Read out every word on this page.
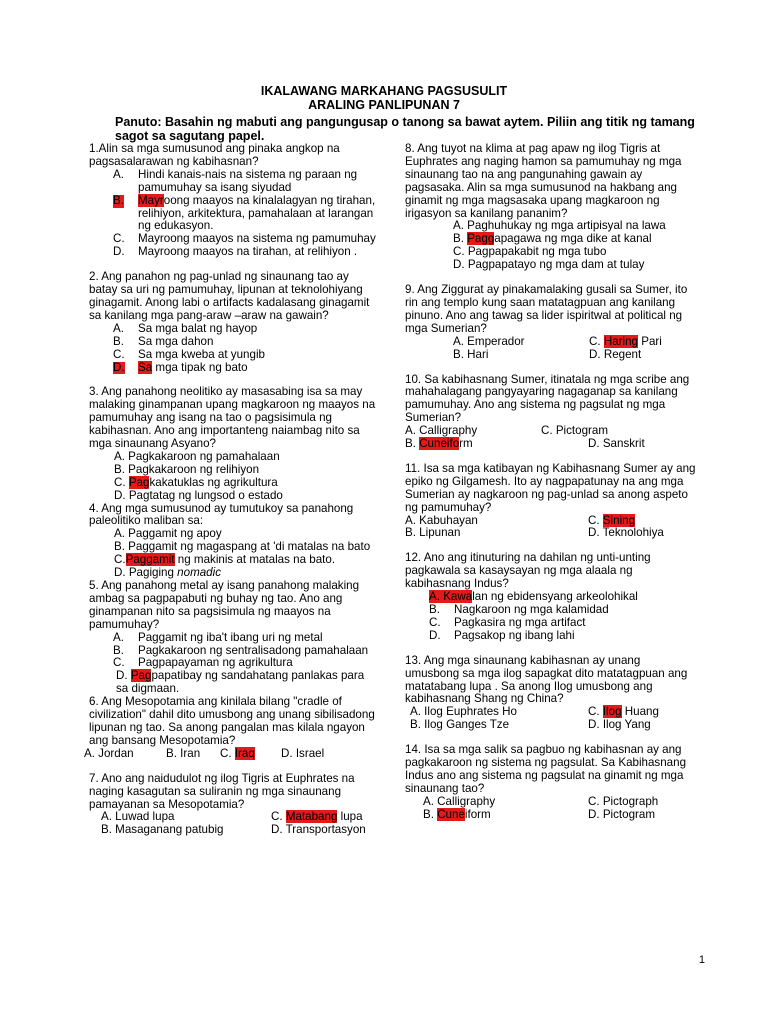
IKALAWANG MARKAHANG PAGSUSULIT
ARALING PANLIPUNAN 7
Panuto: Basahin ng mabuti ang pangungusap o tanong sa bawat aytem. Piliin ang titik ng tamang sagot sa sagutang papel.
1.Alin sa mga sumusunod ang pinaka angkop na pagsasalarawan ng kabihasnan?
A. Hindi kanais-nais na sistema ng paraan ng pamumuhay sa isang siyudad
B. Mayroong maayos na kinalalagyan ng tirahan, relihiyon, arkitektura, pamahalaan at larangan ng edukasyon.
C. Mayroong maayos na sistema ng pamumuhay
D. Mayroong maayos na tirahan, at relihiyon .
2. Ang panahon ng pag-unlad ng sinaunang tao ay batay sa uri ng pamumuhay, lipunan at teknolohiyang ginagamit. Anong labi o artifacts kadalasang ginagamit sa kanilang mga pang-araw –araw na gawain?
A. Sa mga balat ng hayop
B. Sa mga dahon
C. Sa mga kweba at yungib
D. Sa mga tipak ng bato
3. Ang panahong neolitiko ay masasabing isa sa may malaking ginampanan upang magkaroon ng maayos na pamumuhay ang isang na tao o pagsisimula ng kabihasnan. Ano ang importanteng naiambag nito sa mga sinaunang Asyano?
A. Pagkakaroon ng pamahalaan
B. Pagkakaroon ng relihiyon
C. Pagkakatuklas ng agrikultura
D. Pagtatag ng lungsod o estado
4. Ang mga sumusunod ay tumutukoy sa panahong paleolitiko maliban sa:
A. Paggamit ng apoy
B. Paggamit ng magaspang at 'di matalas na bato
C.Paggamit ng makinis at matalas na bato.
D. Pagiging nomadic
5. Ang panahong metal ay isang panahong malaking ambag sa pagpapabuti ng buhay ng tao. Ano ang ginampanan nito sa pagsisimula ng maayos na pamumuhay?
A. Paggamit ng iba't ibang uri ng metal
B. Pagkakaroon ng sentralisadong pamahalaan
C. Pagpapayaman ng agrikultura
D. Pagpapatibay ng sandahatang panlakas para sa digmaan.
6. Ang Mesopotamia ang kinilala bilang "cradle of civilization" dahil dito umusbong ang unang sibilisadong lipunan ng tao. Sa anong pangalan mas kilala ngayon ang bansang Mesopotamia?
A. Jordan	B. Iran	C. Iraq	D. Israel
7. Ano ang naidudulot ng ilog Tigris at Euphrates na naging kasagutan sa suliranin ng mga sinaunang pamayanan sa Mesopotamia?
A. Luwad lupa	C. Matabang lupa
B. Masaganang patubig	D. Transportasyon
8. Ang tuyot na klima at pag apaw ng ilog Tigris at Euphrates ang naging hamon sa pamumuhay ng mga sinaunang tao na ang pangunahing gawain ay pagsasaka. Alin sa mga sumusunod na hakbang ang ginamit ng mga magsasaka upang magkaroon ng irigasyon sa kanilang pananim?
A. Paghuhukay ng mga artipisyal na lawa
B. Paggapagawa ng mga dike at kanal
C. Pagpapakabit ng mga tubo
D. Pagpapatayo ng mga dam at tulay
9. Ang Ziggurat ay pinakamalaking gusali sa Sumer, ito rin ang templo kung saan matatagpuan ang kanilang pinuno. Ano ang tawag sa lider ispiritwal at political ng mga Sumerian?
A. Emperador	C. Haring Pari
B. Hari	D. Regent
10. Sa kabihasnang Sumer, itinatala ng mga scribe ang mahahalagang pangyayaring nagaganap sa kanilang pamumuhay. Ano ang sistema ng pagsulat ng mga Sumerian?
A. Calligraphy	C. Pictogram
B. Cuneiform	D. Sanskrit
11. Isa sa mga katibayan ng Kabihasnang Sumer ay ang epiko ng Gilgamesh. Ito ay nagpapatunay na ang mga Sumerian ay nagkaroon ng pag-unlad sa anong aspeto ng pamumuhay?
A. Kabuhayan	C. Sining
B. Lipunan	D. Teknolohiya
12. Ano ang itinuturing na dahilan ng unti-unting pagkawala sa kasaysayan ng mga alaala ng kabihasnang Indus?
A. Kawalan ng ebidensyang arkeolohikal
B. Nagkaroon ng mga kalamidad
C. Pagkasira ng mga artifact
D. Pagsakop ng ibang lahi
13. Ang mga sinaunang kabihasnan ay unang umusbong sa mga ilog sapagkat dito matatagpuan ang matatabang lupa . Sa anong Ilog umusbong ang kabihasnang Shang ng China?
A. Ilog Euphrates Ho	C. Ilog Huang
B. Ilog Ganges Tze	D. Ilog Yang
14. Isa sa mga salik sa pagbuo ng kabihasnan ay ang pagkakaroon ng sistema ng pagsulat. Sa Kabihasnang Indus ano ang sistema ng pagsulat na ginamit ng mga sinaunang tao?
A. Calligraphy	C. Pictograph
B. Cuneiform	D. Pictogram
1
